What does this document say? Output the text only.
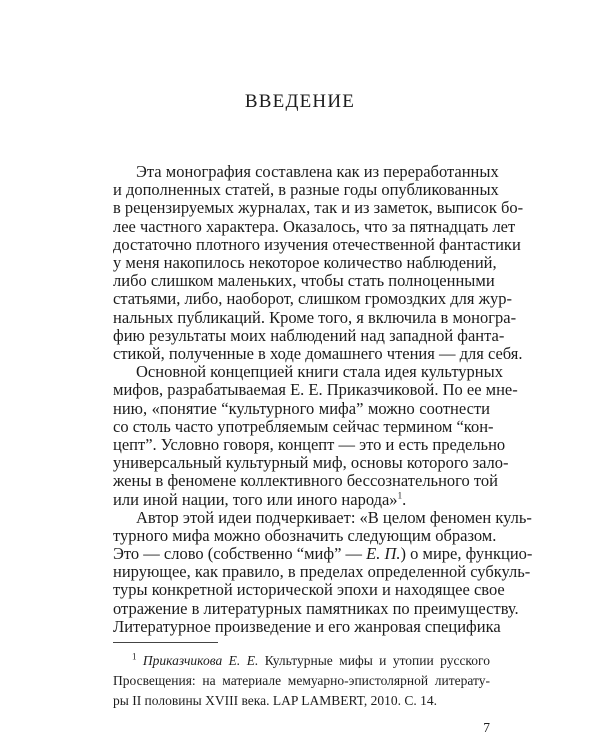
ВВЕДЕНИЕ
Эта монография составлена как из переработанных
и дополненных статей, в разные годы опубликованных
в рецензируемых журналах, так и из заметок, выписок бо-
лее частного характера. Оказалось, что за пятнадцать лет
достаточно плотного изучения отечественной фантастики
у меня накопилось некоторое количество наблюдений,
либо слишком маленьких, чтобы стать полноценными
статьями, либо, наоборот, слишком громоздких для жур-
нальных публикаций. Кроме того, я включила в моногра-
фию результаты моих наблюдений над западной фанта-
стикой, полученные в ходе домашнего чтения — для себя.
Основной концепцией книги стала идея культурных
мифов, разрабатываемая Е. Е. Приказчиковой. По ее мне-
нию, «понятие “культурного мифа” можно соотнести
со столь часто употребляемым сейчас термином “кон-
цепт”. Условно говоря, концепт — это и есть предельно
универсальный культурный миф, основы которого зало-
жены в феномене коллективного бессознательного той
или иной нации, того или иного народа»$^1$.
Автор этой идеи подчеркивает: «В целом феномен куль-
турного мифа можно обозначить следующим образом.
Это — слово (собственно “миф” — Е. П.) о мире, функцио-
нирующее, как правило, в пределах определенной субкуль-
туры конкретной исторической эпохи и находящее свое
отражение в литературных памятниках по преимуществу.
Литературное произведение и его жанровая специфика
$^1$ Приказчикова Е. Е. Культурные мифы и утопии русского
Просвещения: на материале мемуарно-эпистолярной литерату-
ры II половины XVIII века. LAP LAMBERT, 2010. С. 14.
7
